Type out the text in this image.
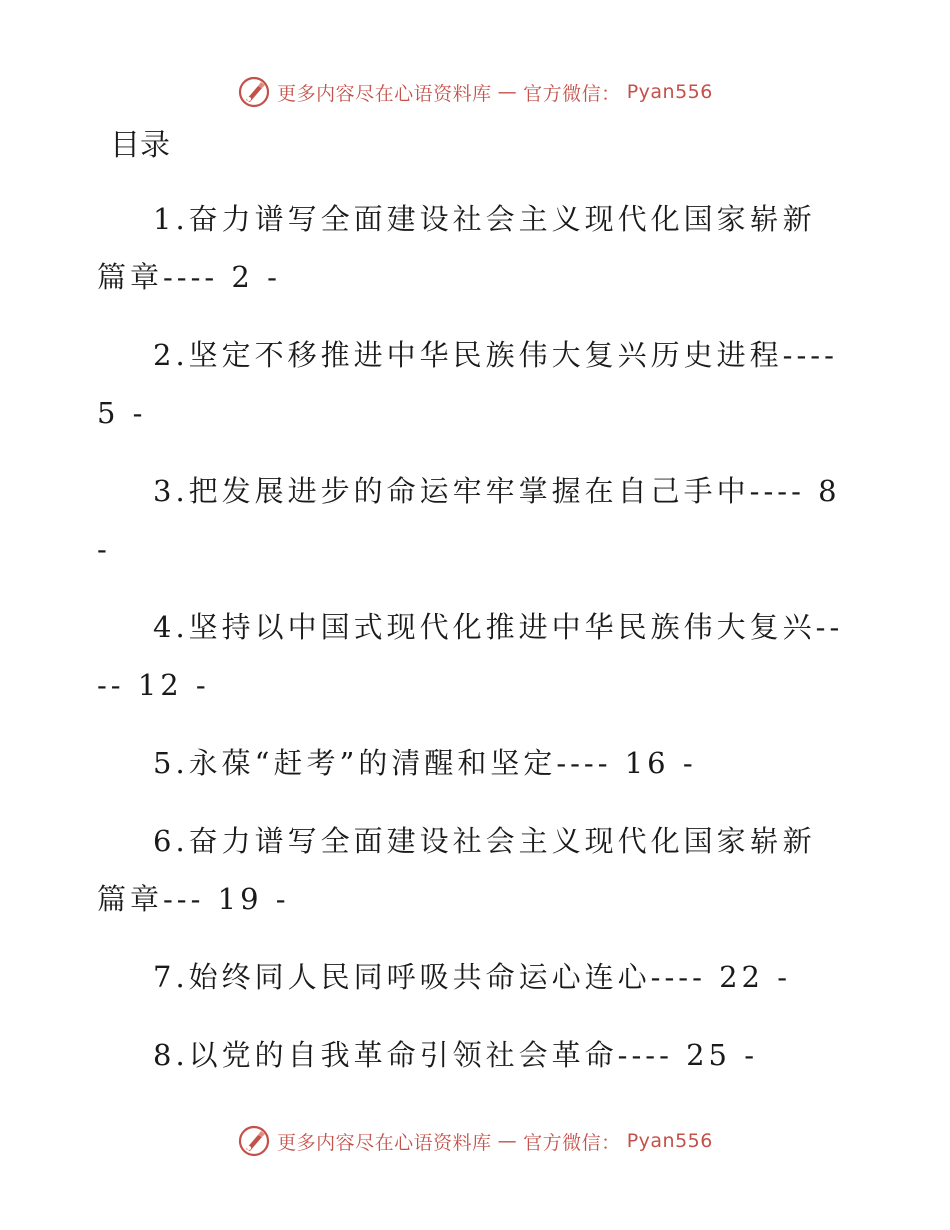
更多内容尽在心语资料库 — 官方微信： Pyan556
目录
1.奋力谱写全面建设社会主义现代化国家崭新篇章---- 2 -
2.坚定不移推进中华民族伟大复兴历史进程---- 5 -
3.把发展进步的命运牢牢掌握在自己手中---- 8 -
4.坚持以中国式现代化推进中华民族伟大复兴---- 12 -
5.永葆“赶考”的清醒和坚定---- 16 -
6.奋力谱写全面建设社会主义现代化国家崭新篇章--- 19 -
7.始终同人民同呼吸共命运心连心---- 22 -
8.以党的自我革命引领社会革命---- 25 -
更多内容尽在心语资料库 — 官方微信： Pyan556
